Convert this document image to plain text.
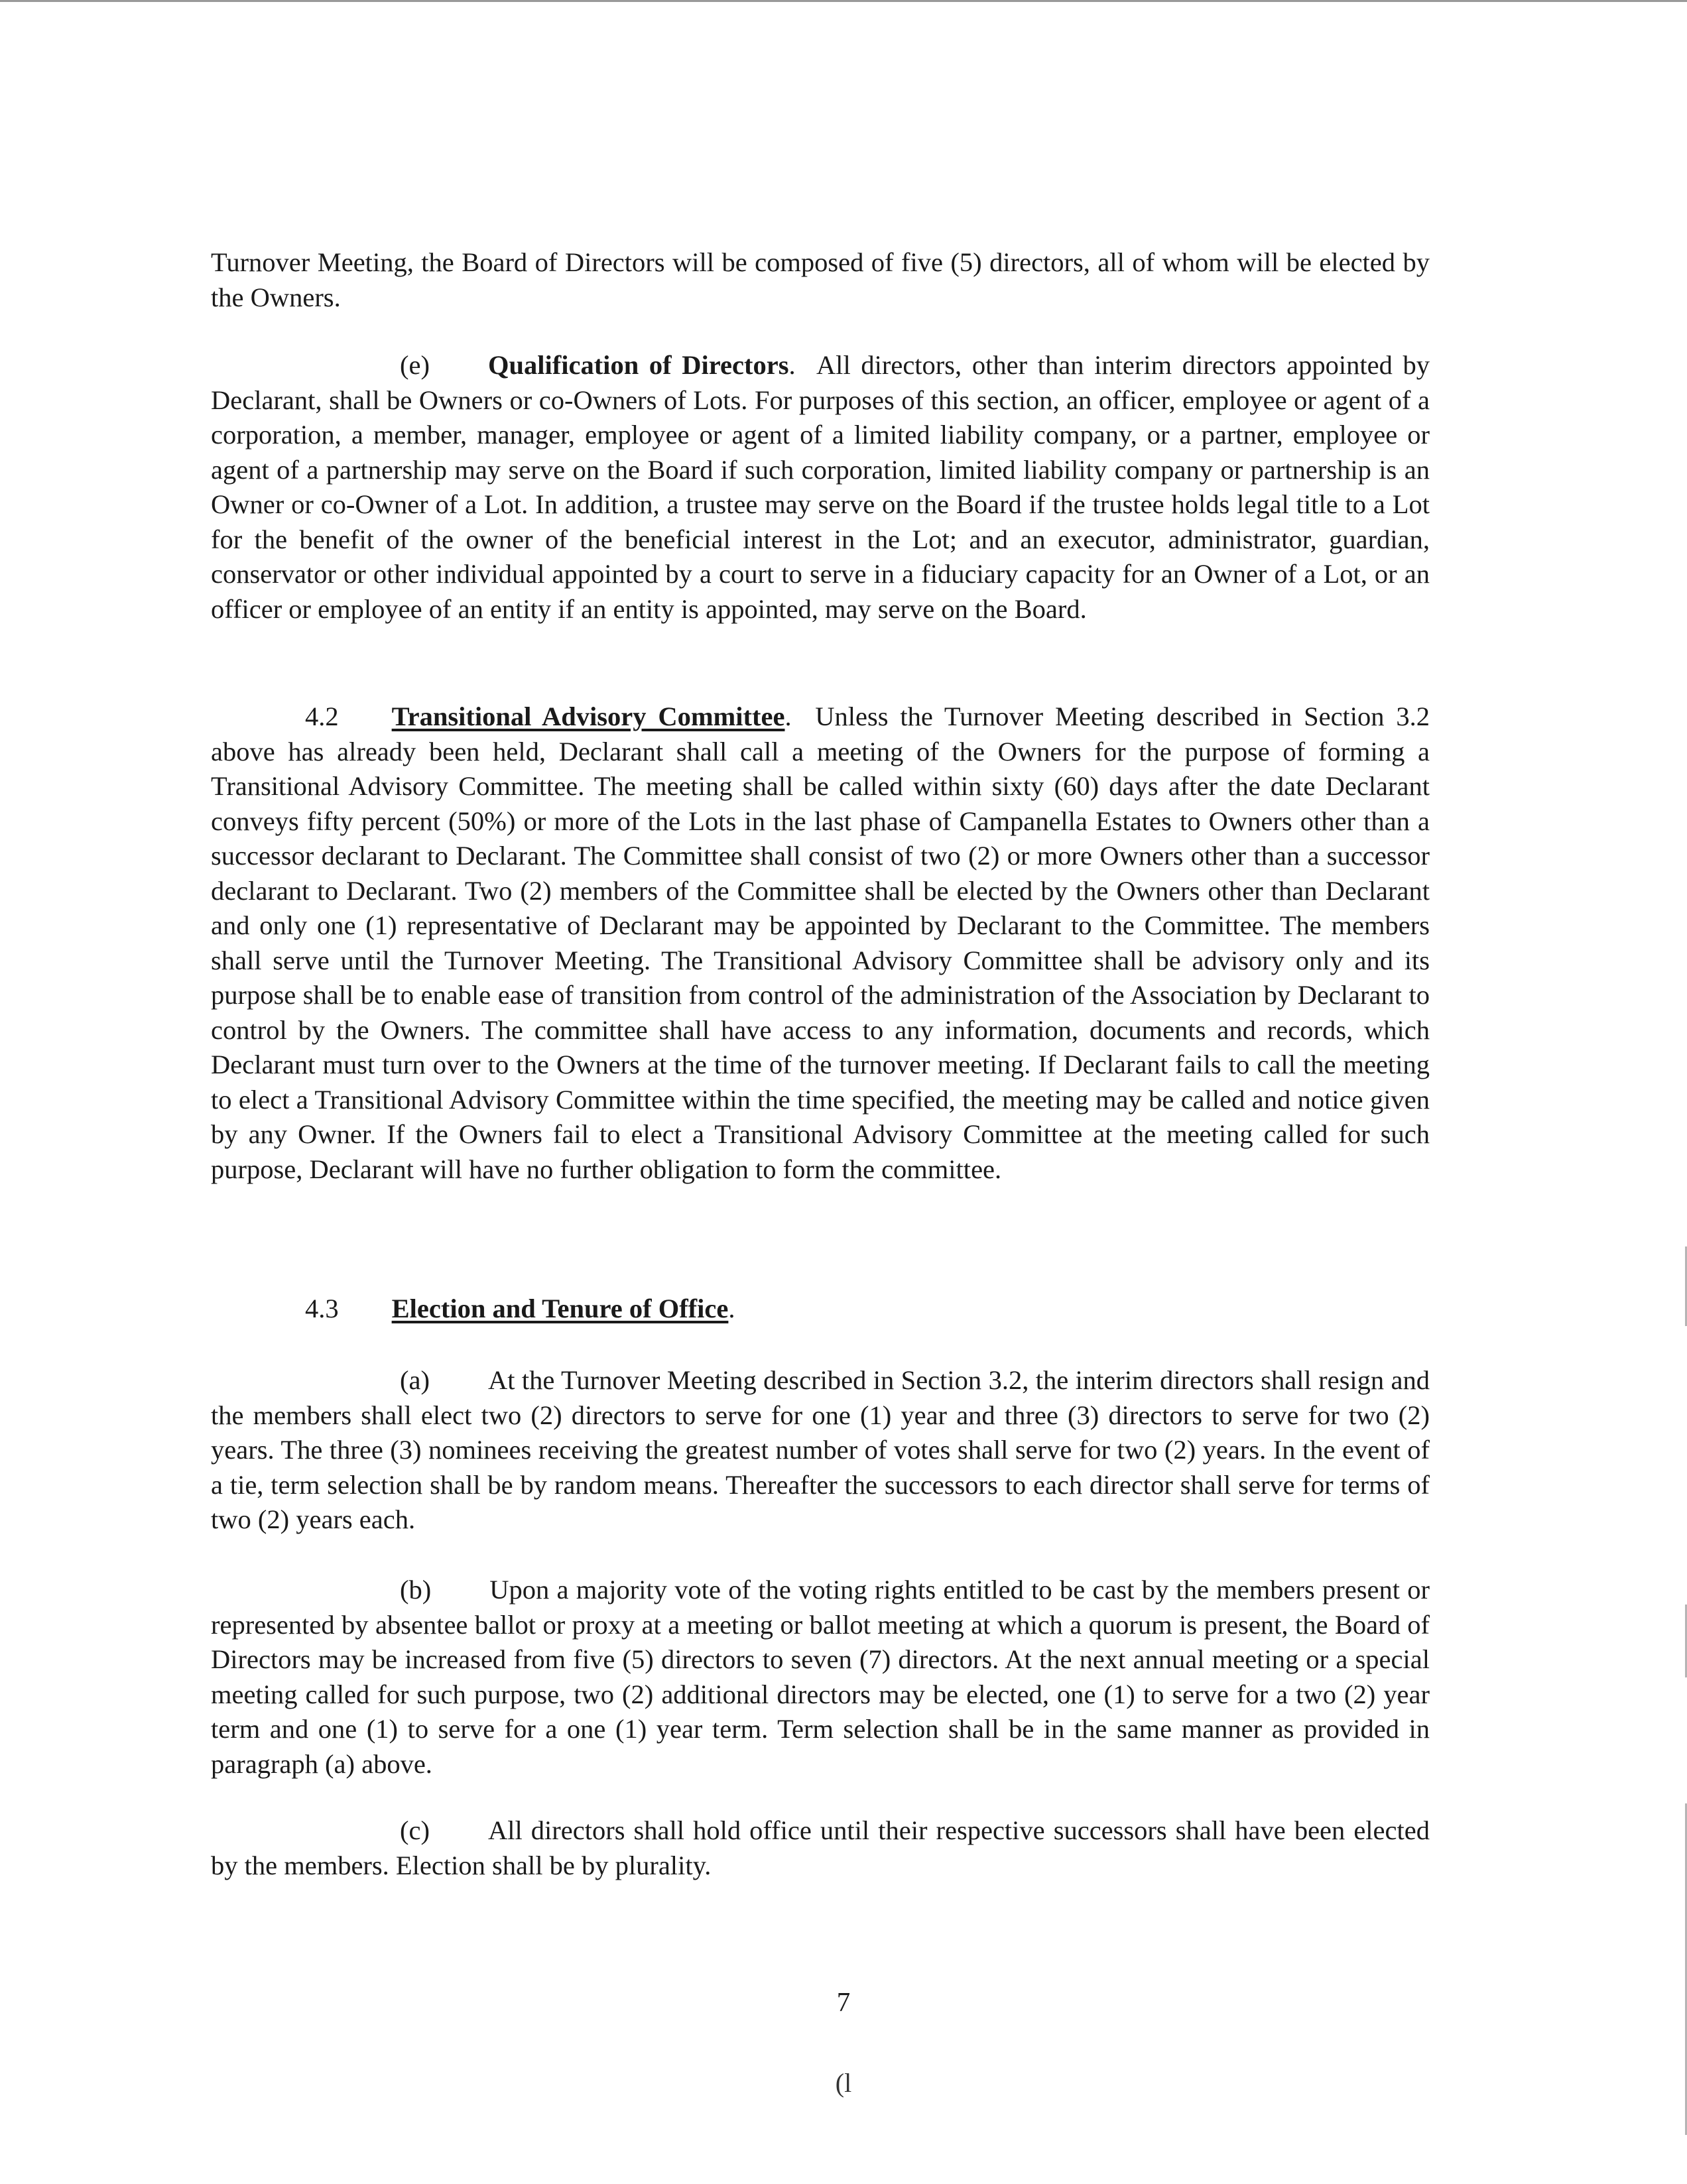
Turnover Meeting, the Board of Directors will be composed of five (5) directors, all of whom will be elected by the Owners.

(e) Qualification of Directors.  All directors, other than interim directors appointed by Declarant, shall be Owners or co-Owners of Lots. For purposes of this section, an officer, employee or agent of a corporation, a member, manager, employee or agent of a limited liability company, or a partner, employee or agent of a partnership may serve on the Board if such corporation, limited liability company or partnership is an Owner or co-Owner of a Lot. In addition, a trustee may serve on the Board if the trustee holds legal title to a Lot for the benefit of the owner of the beneficial interest in the Lot; and an executor, administrator, guardian, conservator or other individual appointed by a court to serve in a fiduciary capacity for an Owner of a Lot, or an officer or employee of an entity if an entity is appointed, may serve on the Board.

4.2 Transitional Advisory Committee.  Unless the Turnover Meeting described in Section 3.2 above has already been held, Declarant shall call a meeting of the Owners for the purpose of forming a Transitional Advisory Committee. The meeting shall be called within sixty (60) days after the date Declarant conveys fifty percent (50%) or more of the Lots in the last phase of Campanella Estates to Owners other than a successor declarant to Declarant. The Committee shall consist of two (2) or more Owners other than a successor declarant to Declarant. Two (2) members of the Committee shall be elected by the Owners other than Declarant and only one (1) representative of Declarant may be appointed by Declarant to the Committee. The members shall serve until the Turnover Meeting. The Transitional Advisory Committee shall be advisory only and its purpose shall be to enable ease of transition from control of the administration of the Association by Declarant to control by the Owners. The committee shall have access to any information, documents and records, which Declarant must turn over to the Owners at the time of the turnover meeting. If Declarant fails to call the meeting to elect a Transitional Advisory Committee within the time specified, the meeting may be called and notice given by any Owner. If the Owners fail to elect a Transitional Advisory Committee at the meeting called for such purpose, Declarant will have no further obligation to form the committee.

4.3 Election and Tenure of Office.

(a) At the Turnover Meeting described in Section 3.2, the interim directors shall resign and the members shall elect two (2) directors to serve for one (1) year and three (3) directors to serve for two (2) years. The three (3) nominees receiving the greatest number of votes shall serve for two (2) years. In the event of a tie, term selection shall be by random means. Thereafter the successors to each director shall serve for terms of two (2) years each.

(b) Upon a majority vote of the voting rights entitled to be cast by the members present or represented by absentee ballot or proxy at a meeting or ballot meeting at which a quorum is present, the Board of Directors may be increased from five (5) directors to seven (7) directors. At the next annual meeting or a special meeting called for such purpose, two (2) additional directors may be elected, one (1) to serve for a two (2) year term and one (1) to serve for a one (1) year term. Term selection shall be in the same manner as provided in paragraph (a) above.

(c) All directors shall hold office until their respective successors shall have been elected by the members. Election shall be by plurality.

7

(l
